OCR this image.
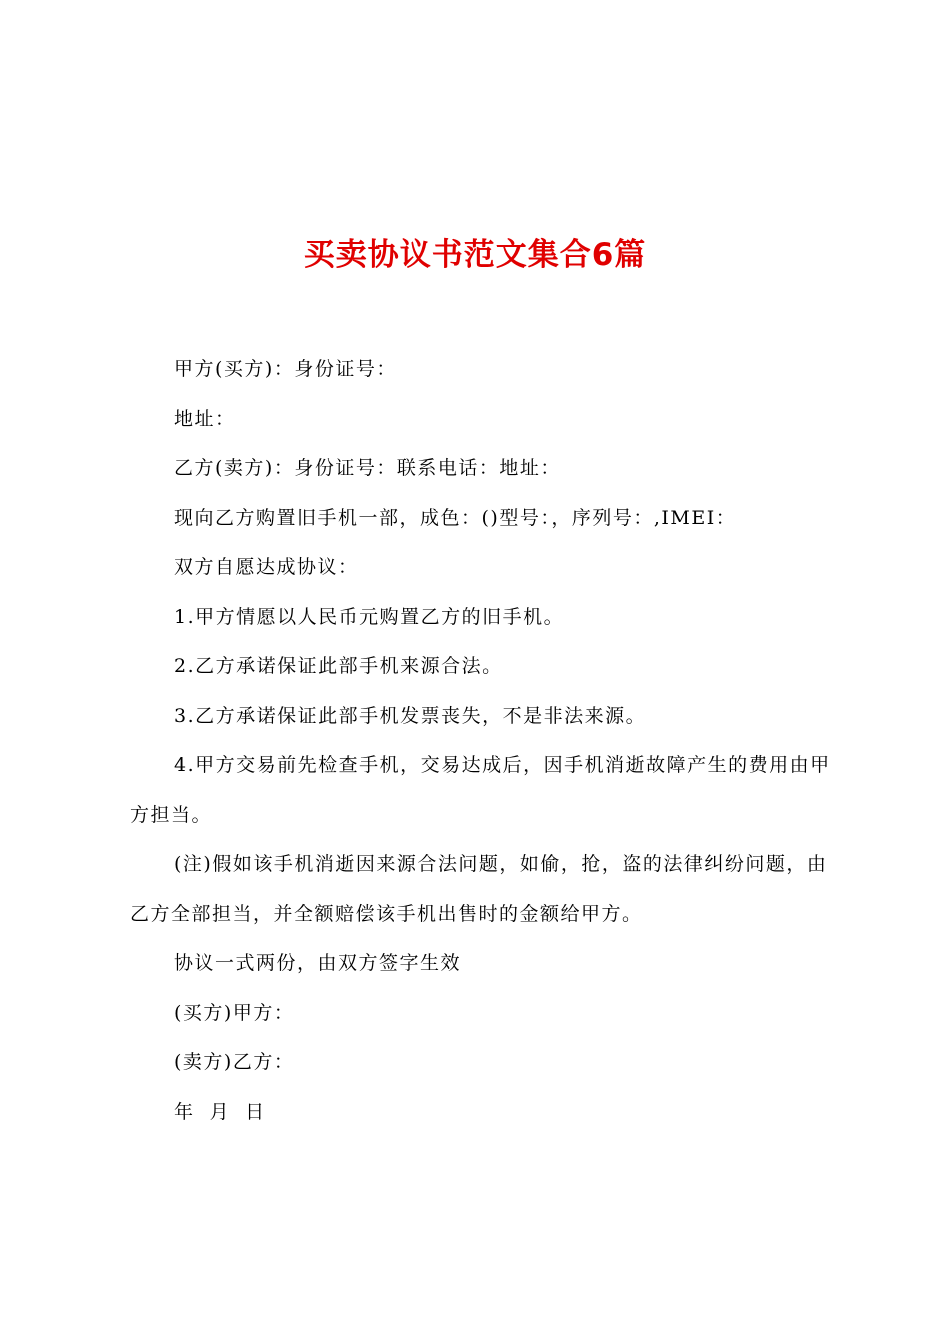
买卖协议书范文集合6篇

甲方(买方)：身份证号：

地址：

乙方(卖方)：身份证号：联系电话：地址：

现向乙方购置旧手机一部，成色：()型号：，序列号：,IMEI：

双方自愿达成协议：

1.甲方情愿以人民币元购置乙方的旧手机。

2.乙方承诺保证此部手机来源合法。

3.乙方承诺保证此部手机发票丧失，不是非法来源。

4.甲方交易前先检查手机，交易达成后，因手机消逝故障产生的费用由甲方担当。

(注)假如该手机消逝因来源合法问题，如偷，抢，盗的法律纠纷问题，由乙方全部担当，并全额赔偿该手机出售时的金额给甲方。

协议一式两份，由双方签字生效

(买方)甲方：

(卖方)乙方：

年  月  日
